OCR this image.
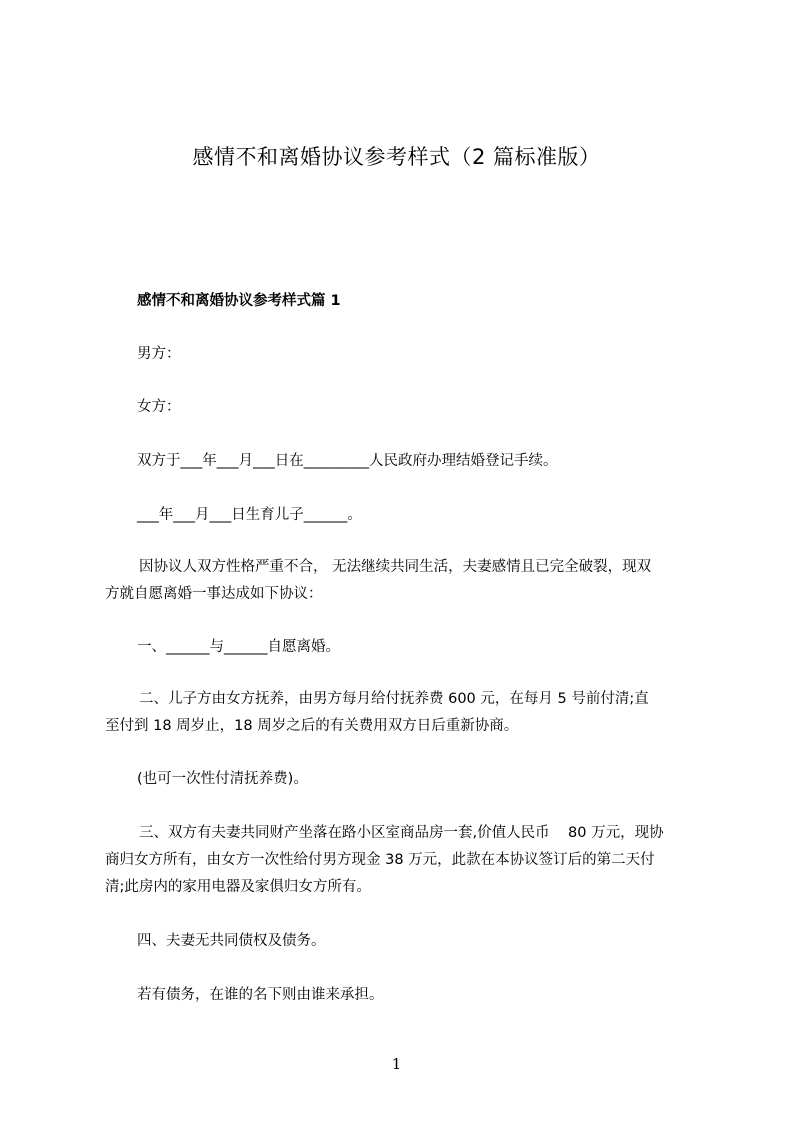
感情不和离婚协议参考样式（2 篇标准版）
感情不和离婚协议参考样式篇 1
男方：
女方：
双方于___年___月___日在_________人民政府办理结婚登记手续。
___年___月___日生育儿子______。
因协议人双方性格严重不合， 无法继续共同生活，夫妻感情且已完全破裂，现双
方就自愿离婚一事达成如下协议：
一、______与______自愿离婚。
二、儿子方由女方抚养，由男方每月给付抚养费 600 元，在每月 5 号前付清;直
至付到 18 周岁止，18 周岁之后的有关费用双方日后重新协商。
(也可一次性付清抚养费)。
三、双方有夫妻共同财产坐落在路小区室商品房一套,价值人民币    80 万元，现协
商归女方所有，由女方一次性给付男方现金 38 万元，此款在本协议签订后的第二天付
清;此房内的家用电器及家俱归女方所有。
四、夫妻无共同债权及债务。
若有债务，在谁的名下则由谁来承担。
1
